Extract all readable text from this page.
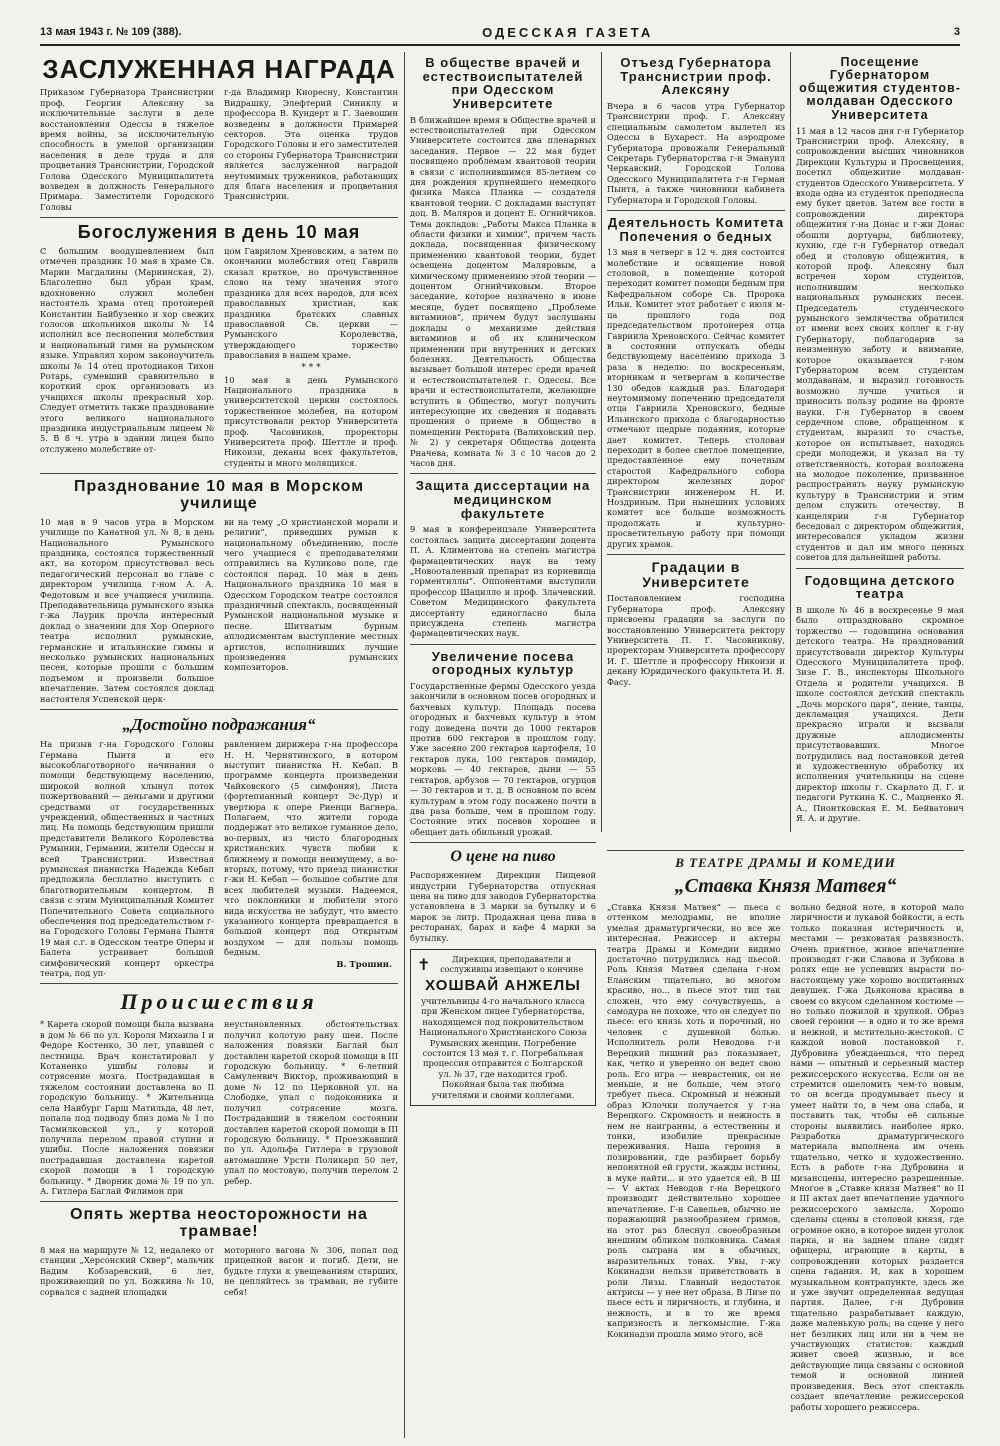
13 мая 1943 г. № 109 (388).	ОДЕССКАЯ ГАЗЕТА	3
ЗАСЛУЖЕННАЯ НАГРАДА

Приказом Губернатора Транснистрии проф. Георгия Алексяну за исключительные заслуги в деле восстановления Одессы в тяжелое время войны, за исключительную способность в умелой организации населения в деле труда и для процветания Транснистрии, Городской Голова Одесского Муниципалитета возведен в должность Генерального Примара. Заместители Городского Головы

г-да Владимир Киоресну, Константин Видрашку, Элефтерий Синиклу и профессора В. Кундерт и Г. Заевошин возведены в должности Примарей секторов. Эта оценка трудов Городского Головы и его заместителей со стороны Губернатора Транснистрии является заслуженной наградой неутомимых тружеников, работающих для блага населения и процветания Транснистрии.

Богослужения в день 10 мая

С большим воодушевлением был отмечен праздник 10 мая в храме Св. Марии Магдалины (Мариинская, 2). Благолепно был убран храм, вдохновенно служил молебен настоятель храма отец протоиерей Константин Байбузенко и хор свежих голосов школьников школы № 14 исполнил все песнопения молебствия и национальный гимн на румынском языке. Управлял хором законоучитель школы № 14 отец протодиакон Тихон Ротарь, сумевший сравнительно в короткий срок организовать из учащихся школы прекрасный хор. Следует отметить также празднование этого великого национального праздника индустриальным лицеем № 5. В 8 ч. утра в здании лицея было отслужено молебствие от-

цом Гаврилом Хреновским, а затем по окончании молебствия отец Гаврилв сказал краткое, но прочувственное слово на тему значения этого праздника для всех народов, для всех православных христиан, как праздника братских славных православной Св. церкви — Румынского Королевства, утверждающего торжество православия в нашем храме.

* * *

10 мая в день Румынского Национального праздника в университетской церкви состоялось торжественное молебен, на котором присутствовали ректор Университета проф. Часовников, проректоры Университета проф. Шеттле и проф. Никоизи, деканы всех факультетов, студенты и много молящихся.

Празднование 10 мая в Морском училище

10 мая в 9 часов утра в Морском училище по Канатной ул. № 8, в день Национального Румынского праздника, состоялся торжественный акт, на котором присутствовал весь педагогический персонал во главе с директором училища г-ном А. А. Федотовым и все учащиеся училища. Преподавательница румынского языка г-жа Лаурик прочла интересный доклад о значении для Хор Оперного театра исполнил румынские, германские и итальянские гимны и несколько румынских национальных песен, которые прошли с большим подъемом и произвели большое впечатление. Затем состоялся доклад настоятеля Успенской церк-

ви на тему „О христианской морали и религии“, приведших румын к национальному объединению, после чего учащиеся с преподавателями отправились на Куликово поле, где состоялся парад. 10 мая в день Национального праздника 10 мая в Одесском Городском театре состоялся праздничный спектакль, посвященный Румынской национальной музыке и песне. Шитнатым бурным аплодисментам выступление местных артистов, исполнивших лучшие произведения румынских композиторов.

„Достойно подражания“

На призыв г-на Городского Головы Германа Пынтя и его высокоблаготворного начинания о помощи бедствующему населению, широкой волной хлынул поток пожертвований — деньгами и другими средствами от государственных учреждений, общественных и частных лиц. На помощь бедствующим пришли представители Великого Королевства Румынии, Германии, жители Одессы и всей Транснистрии. Известная румынская пианистка Надежда Кебап предложила бесплатно выступить с благотворительным концертом. В связи с этим Муниципальный Комитет Попечительного Совета социального обеспечения под председательством г-на Городского Головы Германа Пынтя 19 мая с.г. в Одесском театре Оперы и Балета устраивает большой симфонический концерт оркестра театра, под уп-

равлением дирижера г-на профессора Н. Н. Чернятинского, в котором выступит пианистка Н. Кебап. В программе концерта произведения Чайковского (5 симфония), Листа (фортепианный концерт Эс-Дур) и увертюра к опере Риенци Вагнера. Полагаем, что жители города поддержат это великое гуманное дело, во-первых, из чисто благородных христианских чувств любви к ближнему и помощи неимущему, а во-вторых, потому, что приезд пианистки г-жи Н. Кебап — большое событие для всех любителей музыки. Надеемся, что поклонники и любители этого вида искусства не забудут, что вместо указанного концерта превращается в большой концерт под Открытым воздухом — для пользы помощь бедным.

В. Трошин.
Происшествия

* Карета скорой помощи была вызвана в дом № 66 по ул. Короля Михаила I и Федоре Костенко, 30 лет, упавшей с лестницы. Врач констатировал у Котаненко ушибы головы и сотрясение мозга. Пострадавшая в тяжелом состоянии доставлена во II городскую больницу. * Жительница села Наибург Гарш Матильда, 48 лет, попала под подводу близ дома № 1 по Тасмилковской ул., у которой получила перелом правой ступни и ушибы. После наложения повязки пострадавшая доставлена каретой скорой помощи в 1 городскую больницу. * Дворник дома № 19 по ул. А. Гитлера Баглай Филимон при

неустановленных обстоятельствах получил колотую рану шеи. После наложения повязки Баглай был доставлен каретой скорой помощи в III городскую больницу. * 6-летний Самуленвич Виктор, проживающий в доме № 12 по Церковной ул. на Слободке, упал с подоконника и получил сотрясение мозга. Пострадавший в тяжелом состоянии доставлен каретой скорой помощи в III городскую больницу. * Проезжавший по ул. Адольфа Гитлера в грузовой автомашине Урсти Поликарп 50 лет, упал по мостовую, получив перелом 2 ребер.

Опять жертва неосторожности на трамвае!

8 мая на маршруте № 12, недалеко от станции „Херсонский Сквер“, мальчик Вадим Кобзаревский, 6 лет, проживающий по ул. Божкина № 10, сорвался с задней площадки

моторного вагона № 306, попал под прицепной вагон и погиб. Дети, не будьте глухи к увещеваниям старших, не цепляйтесь за трамваи, не губите себя!

В обществе врачей и естествоиспытателей при Одесском Университете

В ближайшее время в Обществе врачей и естествоиспытателей при Одесском Университете состоится два пленарных заседания. Первое — 22 мая будет посвящено проблемам квантовой теории в связи с исполнившимся 85-летием со дня рождения крупнейшего немецкого физика Макса Планка — создателя квантовой теории. С докладами выступят доц. В. Маляров и доцент Е. Огнийчиков. Тема докладов: „Работы Макса Планка в области физики и химии“, причем часть доклада, посвященная физическому применению квантовой теории, будет освещена доцентом Маляровым, а химическому применению этой теории — доцентом Огнийчиковым. Второе заседание, которое назначено в июне месяце, будет посвящено „Проблеме витаминов“, причем будут заслушаны доклады о механизме действия витаминов и об их клиническом применении при внутренних и детских болезнях. Деятельность Общества вызывает большой интерес среди врачей и естествоиспытателей г. Одессы. Все врачи и естествоиспытатели, желающие вступить в Общество, могут получить интересующие их сведения и подавать прошения о приеме в Общество в помещении Ректората (Валиховский пер. № 2) у секретаря Общества доцента Рначева, комната № 3 с 10 часов до 2 часов дня.

Защита диссертации на медицинском факультете

9 мая в конференцзале Университета состоялась защита диссертации доцента П. А. Климентова на степень магистра фармацевтических наук на тему „Новооталенный препарат из корневища горментиллы“. Оппонентами выступили профессор Шацилло и проф. Злачевский. Советом Медицинского факультета диссертанту единогласно была присуждена степень магистра фармацевтических наук.

Увеличение посева огородных культур

Государственные фермы Одесского уезда закончили в основном посев огородных и бахчевых культур. Площадь посева огородных и бахчевых культур в этом году доведена почти до 1000 гектаров против 600 гектаров в прошлом году. Уже засеяно 200 гектаров картофеля, 10 гектаров лука, 100 гектаров помидор, морковь — 40 гектаров, дыни — 55 гектаров, арбузов — 70 гектаров, огурцов — 30 гектаров и т. д. В основном по всем культурам в этом году посажено почти в два раза больше, чем в прошлом году. Состояние этих посевов хорошее и обещает дать обильный урожай.

О цене на пиво

Распоряжением Дирекции Пищевой индустрии Губернаторства отпускная цена на пиво для заводов Губернаторства установлена в 3 марки за бутылку и 6 марок за литр. Продажная цена пива в ресторанах, барах и кафе 4 марки за бутылку.

✝	Дирекция, преподаватели и сослуживцы извещают о кончине
ХОШВАЙ АНЖЕЛЫ

учительницы 4-го начального класса при Женском лицее Губернаторства, находящемся под покровительством Национального Христианского Союза Румынских женщин. Погребение состоится 13 мая т. г. Погребальная процессия отправится с Болгарской ул. № 37, где находится гроб. Покойная была так любима учителями и своими коллегами.

Отъезд Губернатора Транснистрии проф. Алексяну

Вчера в 6 часов утра Губернатор Транснистрии проф. Г. Алексяну специальным самолетом вылетел из Одессы в Бухарест. На аэродроме Губернатора провожали Генеральный Секретарь Губернаторства г-н Эмануил Черкавский, Городской Голова Одесского Муниципалитета г-н Герман Пынтя, а также чиновники кабинета Губернатора и Городской Головы.

Деятельность Комитета Попечения о бедных

13 мая в четверг в 12 ч. дня состоится молебствие и освящение новой столовой, в помещение которой переходит комитет помощи бедным при Кафедральном соборе Св. Пророка Ильи. Комитет этот работает с июля м-ца прошлого года под председательством протоиерея отца Гавриила Хреновского. Сейчас комитет в состоянии отпускать обеды бедствующему населению прихода 3 раза в неделю: по воскресеньям, вторникам и четвергам в количестве 130 обедов каждый раз. Благодаря неутомимому попечению председателя отца Гавриила Хреновского, бедные Ильинского прихода с благодарностью отмечают щедрые подаяния, которые дает комитет. Теперь столовая переходит в более светлое помещение, предоставленное ему почетным старостой Кафедрального собора директором железных дорог Транснистрии инженером Н. И. Ноздриным. При нынешних условиях комитет все больше возможность продолжать и культурно-просветительную работу при помощи других храмов.

Градации в Университете

Постановлением господина Губернатора проф. Алексяну присвоены градации за заслуги по восстановлению Университета ректору Университета П. Г. Часовникову, проректорам Университета профессору И. Г. Шеттле и профессору Никоизи и декану Юридического факультета И. Я. Фасу.

Посещение Губернатором общежития студентов-молдаван Одесского Университета

11 мая в 12 часов дня г-н Губернатор Транснистрии проф. Алексяну, в сопровождении высших чиновников Дирекции Культуры и Просвещения, посетил общежитие молдаван-студентов Одесского Университета. У входа одна из студенток преподнесла ему букет цветов. Затем все гости в сопровождении директора общежития г-на Донас и г-жи Донас обошли доpтуары, библиотеку, кухню, где г-н Губернатор отведал обед и столовую общежития, в которой проф. Алексяну был встречен хором студентов, исполнившим несколько национальных румынских песен. Председатель студенческого румынского землячества обратился от имени всех своих коллег к г-ну Губернатору, поблагодарив за неизменную заботу и внимание, которое оказывается г-ном Губернатором всем студентам молдаванам, и выразил готовность возможно лучше учиться и приносить пользу родине на фронте науки. Г-н Губернатор в своем сердечном слове, обращенном к студентам, выразил то счастье, которое он испытывает, находясь среди молодежи, и указал на ту ответственность, которая возложена на молодое поколение, призванное распространять науку румынскую культуру в Транснистрии и этим делом служить отечеству. В канцелярии г-н Губернатор беседовал с директором общежития, интересовался укладом жизни студентов и дал им много ценных советов для дальнейшей работы.

Годовщина детского театра

В школе № 46 в воскресенье 9 мая было отпраздновано скромное торжество — годовщина основания детского театра. На празднований присутствовали директор Культуры Одесского Муниципалитета проф. Зизе Г. В., инспекторы Школьного Отдела и родители учащихся. В школе состоялся детский спектакль „Дочь морского царя“, пение, танцы, декламация учащихся. Дети прекрасно играли и вызвали дружные аплодисменты присутствовавших. Многое потрудились над постановкой детей и художественную обработку их исполнения учительницы на сцене директор школы г. Скарлато Д. Г. и педагоги Руткина К. С., Мацненко Я. А., Пионтковская Е. М. Бейватович Я. А. и другие.

В ТЕАТРЕ ДРАМЫ И КОМЕДИИ
„Ставка Князя Матвея“

„Ставка Князя Матвея“ — пьеса с оттенком мелодрамы, не вполне умелая драматургически, но все же интересная. Режиссер и актеры театра Драмы и Комедии видимо достаточно потрудились над пьесой. Роль Князя Матвея сделана г-ном Еланским тщательно, во многом красиво, но... в пьесе этот тип так сложен, что ему сочувствуешь, а самодура не похоже, что он следует по пьесе: его князь хоть и порочный, но человек с душевной болью. Исполнитель роли Неводова г-н Верецкий лишний раз показывает, как, четко и уверенно он ведет свою роль. Его игра — неврастеник, он не меньше, и не больше, чем этого требует пьеса. Скромный и нежный образ Юлочки получается у г-на Верецкого. Скромность и нежность в нем не наигранны, а естественны и тонки, изобилие прекрасные переживания. Наша героиня в позировании, где разбирает борьбу непонятной ей грусти, жажды истины, в муке найти... и это удается ей. В Ш — V актах Неводов г-на Верецкого производит действительно хорошее впечатление. Г-н Савельев, обычно не поражающий разнообразием гримов, на этот раз блеснул своеобразным внешним обликом полковника. Самая роль сыграна им в обычных, выразительных тонах. Увы, г-жу Кокинадзи нельзя приветствовать в роли Лизы. Главный недостаток актрисы — у нее нет образа. В Лизе по пьесе есть и лиричность, и глубина, и нежность, и в то же время капризность и легкомыслие. Г-жа Кокинадзи прошла мимо этого, всё

вольно бедной ноте, в которой мало лиричности и лукавой бойкости, а есть только показная истеричность и, местами — резковатая развязность. Очень приятное, живое впечатление производят г-жи Славова и Зубкова в ролях еще не успевших вырасти по-настоящему уже хорошо воспитанных девушек. Г-жа Дьяконова красива в своем со вкусом сделанном костюме — но только пожилой и хрупкой. Образ своей героини — в одно и то же время и нежной, и мстительно-жестокой. С каждой новой постановкой г. Дубровина убеждаешься, что перед нами — опытный и серьезный мастер режиссерского искусства. Если он не стремится ошеломить чем-то новым, то он всегда продумывает пьесу и умеет найти то, в чем она слаба, и поставить так, чтобы её сильные стороны выявились наиболее ярко. Разработка драматургического материала выполнена им очень тщательно, четко и художественно. Есть в работе г-на Дубровина и мизансцены, интересно разрешенные. Многое в „Ставке князя Матвея“ во II и III актах дает впечатление удачного режиссерского замысла. Хорошо сделаны сцены в столовой князя, где огромное окно, в которое виден уголок парка, и на заднем плане сидят офицеры, играющие в карты, в сопровождении которых раздается сцена гадания. И, как в хорошем музыкальном контрапункте, здесь же и уже звучит определенная ведущая партия. Далее, г-н Дубровин тщательно разрабатывает каждую, даже маленькую роль; на сцене у него нет безликих лиц или ни в чем не участвующих статистов: каждый живет своей жизнью, и все действующие лица связаны с основной темой и основной линией произведения. Весь этот спектакль создает впечатление режиссерской работы хорошего режиссера.
